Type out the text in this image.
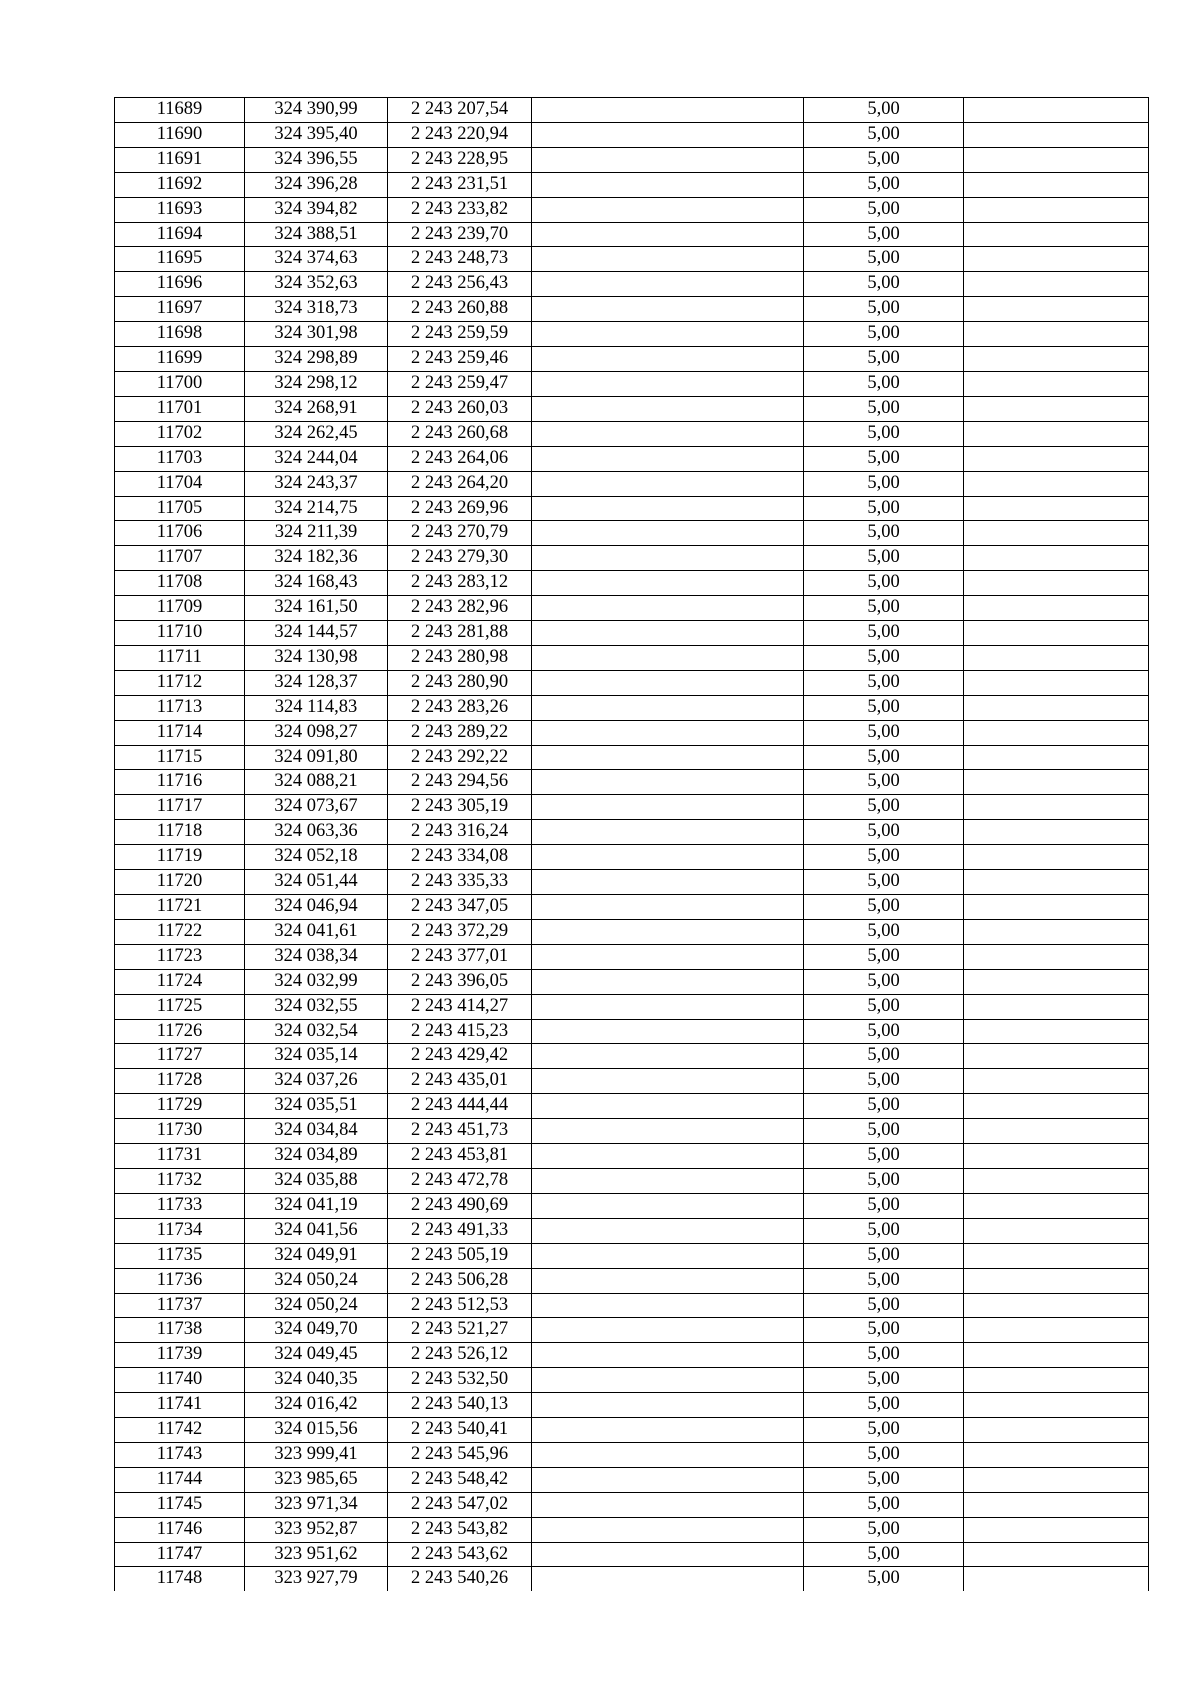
11689	324 390,99	2 243 207,54		5,00	
11690	324 395,40	2 243 220,94		5,00	
11691	324 396,55	2 243 228,95		5,00	
11692	324 396,28	2 243 231,51		5,00	
11693	324 394,82	2 243 233,82		5,00	
11694	324 388,51	2 243 239,70		5,00	
11695	324 374,63	2 243 248,73		5,00	
11696	324 352,63	2 243 256,43		5,00	
11697	324 318,73	2 243 260,88		5,00	
11698	324 301,98	2 243 259,59		5,00	
11699	324 298,89	2 243 259,46		5,00	
11700	324 298,12	2 243 259,47		5,00	
11701	324 268,91	2 243 260,03		5,00	
11702	324 262,45	2 243 260,68		5,00	
11703	324 244,04	2 243 264,06		5,00	
11704	324 243,37	2 243 264,20		5,00	
11705	324 214,75	2 243 269,96		5,00	
11706	324 211,39	2 243 270,79		5,00	
11707	324 182,36	2 243 279,30		5,00	
11708	324 168,43	2 243 283,12		5,00	
11709	324 161,50	2 243 282,96		5,00	
11710	324 144,57	2 243 281,88		5,00	
11711	324 130,98	2 243 280,98		5,00	
11712	324 128,37	2 243 280,90		5,00	
11713	324 114,83	2 243 283,26		5,00	
11714	324 098,27	2 243 289,22		5,00	
11715	324 091,80	2 243 292,22		5,00	
11716	324 088,21	2 243 294,56		5,00	
11717	324 073,67	2 243 305,19		5,00	
11718	324 063,36	2 243 316,24		5,00	
11719	324 052,18	2 243 334,08		5,00	
11720	324 051,44	2 243 335,33		5,00	
11721	324 046,94	2 243 347,05		5,00	
11722	324 041,61	2 243 372,29		5,00	
11723	324 038,34	2 243 377,01		5,00	
11724	324 032,99	2 243 396,05		5,00	
11725	324 032,55	2 243 414,27		5,00	
11726	324 032,54	2 243 415,23		5,00	
11727	324 035,14	2 243 429,42		5,00	
11728	324 037,26	2 243 435,01		5,00	
11729	324 035,51	2 243 444,44		5,00	
11730	324 034,84	2 243 451,73		5,00	
11731	324 034,89	2 243 453,81		5,00	
11732	324 035,88	2 243 472,78		5,00	
11733	324 041,19	2 243 490,69		5,00	
11734	324 041,56	2 243 491,33		5,00	
11735	324 049,91	2 243 505,19		5,00	
11736	324 050,24	2 243 506,28		5,00	
11737	324 050,24	2 243 512,53		5,00	
11738	324 049,70	2 243 521,27		5,00	
11739	324 049,45	2 243 526,12		5,00	
11740	324 040,35	2 243 532,50		5,00	
11741	324 016,42	2 243 540,13		5,00	
11742	324 015,56	2 243 540,41		5,00	
11743	323 999,41	2 243 545,96		5,00	
11744	323 985,65	2 243 548,42		5,00	
11745	323 971,34	2 243 547,02		5,00	
11746	323 952,87	2 243 543,82		5,00	
11747	323 951,62	2 243 543,62		5,00	
11748	323 927,79	2 243 540,26		5,00	
